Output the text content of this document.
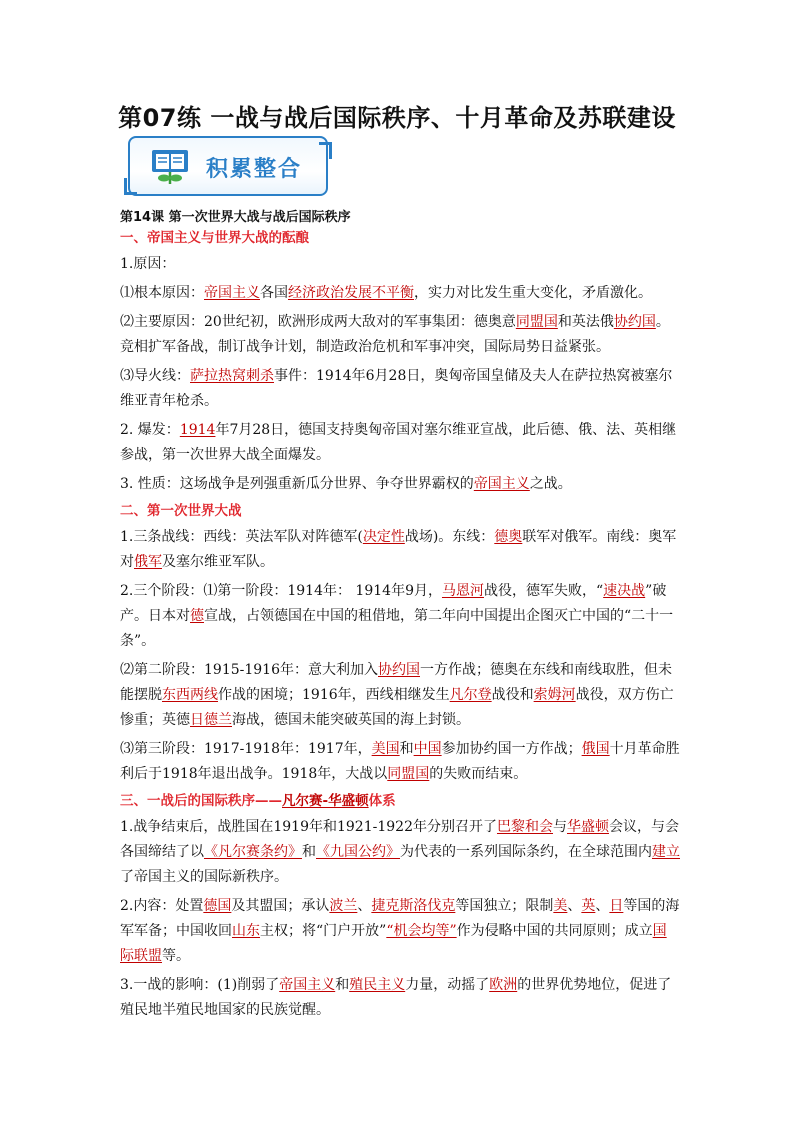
第07练 一战与战后国际秩序、十月革命及苏联建设
积累整合
第14课 第一次世界大战与战后国际秩序
一、帝国主义与世界大战的酝酿

1.原因：

⑴根本原因：帝国主义各国经济政治发展不平衡，实力对比发生重大变化，矛盾激化。

⑵主要原因：20世纪初，欧洲形成两大敌对的军事集团：德奥意同盟国和英法俄协约国。竞相扩军备战，制订战争计划，制造政治危机和军事冲突，国际局势日益紧张。

⑶导火线：萨拉热窝刺杀事件：1914年6月28日，奥匈帝国皇储及夫人在萨拉热窝被塞尔维亚青年枪杀。

2. 爆发：1914年7月28日，德国支持奥匈帝国对塞尔维亚宣战，此后德、俄、法、英相继参战，第一次世界大战全面爆发。

3. 性质：这场战争是列强重新瓜分世界、争夺世界霸权的帝国主义之战。

二、第一次世界大战

1.三条战线：西线：英法军队对阵德军(决定性战场)。东线：德奥联军对俄军。南线：奥军对俄军及塞尔维亚军队。

2.三个阶段：⑴第一阶段：1914年： 1914年9月，马恩河战役，德军失败，“速决战”破产。日本对德宣战，占领德国在中国的租借地，第二年向中国提出企图灭亡中国的“二十一条”。

⑵第二阶段：1915-1916年：意大利加入协约国一方作战；德奥在东线和南线取胜，但未能摆脱东西两线作战的困境；1916年，西线相继发生凡尔登战役和索姆河战役，双方伤亡惨重；英德日德兰海战，德国未能突破英国的海上封锁。

⑶第三阶段：1917-1918年：1917年，美国和中国参加协约国一方作战；俄国十月革命胜利后于1918年退出战争。1918年，大战以同盟国的失败而结束。

三、一战后的国际秩序——凡尔赛-华盛顿体系

1.战争结束后，战胜国在1919年和1921-1922年分别召开了巴黎和会与华盛顿会议，与会各国缔结了以《凡尔赛条约》和《九国公约》为代表的一系列国际条约，在全球范围内建立了帝国主义的国际新秩序。

2.内容：处置德国及其盟国；承认波兰、捷克斯洛伐克等国独立；限制美、英、日等国的海军军备；中国收回山东主权；将“门户开放”“机会均等”作为侵略中国的共同原则；成立国际联盟等。

3.一战的影响：(1)削弱了帝国主义和殖民主义力量，动摇了欧洲的世界优势地位，促进了殖民地半殖民地国家的民族觉醒。
